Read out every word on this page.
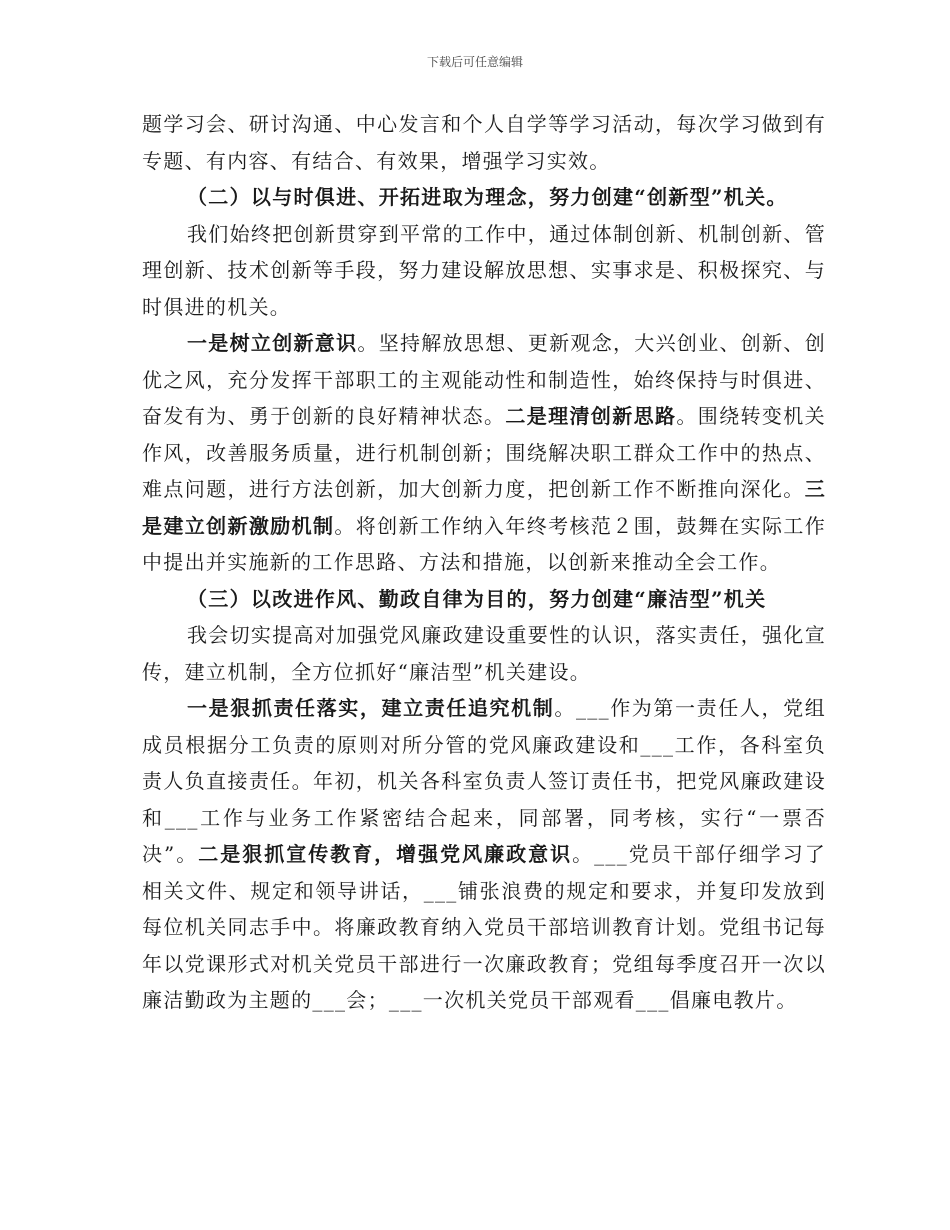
下载后可任意编辑

题学习会、研讨沟通、中心发言和个人自学等学习活动，每次学习做到有专题、有内容、有结合、有效果，增强学习实效。

（二）以与时俱进、开拓进取为理念，努力创建“创新型”机关。

我们始终把创新贯穿到平常的工作中，通过体制创新、机制创新、管理创新、技术创新等手段，努力建设解放思想、实事求是、积极探究、与时俱进的机关。

一是树立创新意识。坚持解放思想、更新观念，大兴创业、创新、创优之风，充分发挥干部职工的主观能动性和制造性，始终保持与时俱进、奋发有为、勇于创新的良好精神状态。二是理清创新思路。围绕转变机关作风，改善服务质量，进行机制创新；围绕解决职工群众工作中的热点、难点问题，进行方法创新，加大创新力度，把创新工作不断推向深化。三是建立创新激励机制。将创新工作纳入年终考核范２围，鼓舞在实际工作中提出并实施新的工作思路、方法和措施，以创新来推动全会工作。

（三）以改进作风、勤政自律为目的，努力创建“廉洁型”机关

我会切实提高对加强党风廉政建设重要性的认识，落实责任，强化宣传，建立机制，全方位抓好“廉洁型”机关建设。

一是狠抓责任落实，建立责任追究机制。___作为第一责任人，党组成员根据分工负责的原则对所分管的党风廉政建设和___工作，各科室负责人负直接责任。年初，机关各科室负责人签订责任书，把党风廉政建设和___工作与业务工作紧密结合起来，同部署，同考核，实行“一票否决”。二是狠抓宣传教育，增强党风廉政意识。___党员干部仔细学习了相关文件、规定和领导讲话，___铺张浪费的规定和要求，并复印发放到每位机关同志手中。将廉政教育纳入党员干部培训教育计划。党组书记每年以党课形式对机关党员干部进行一次廉政教育；党组每季度召开一次以廉洁勤政为主题的___会；___一次机关党员干部观看___倡廉电教片。
